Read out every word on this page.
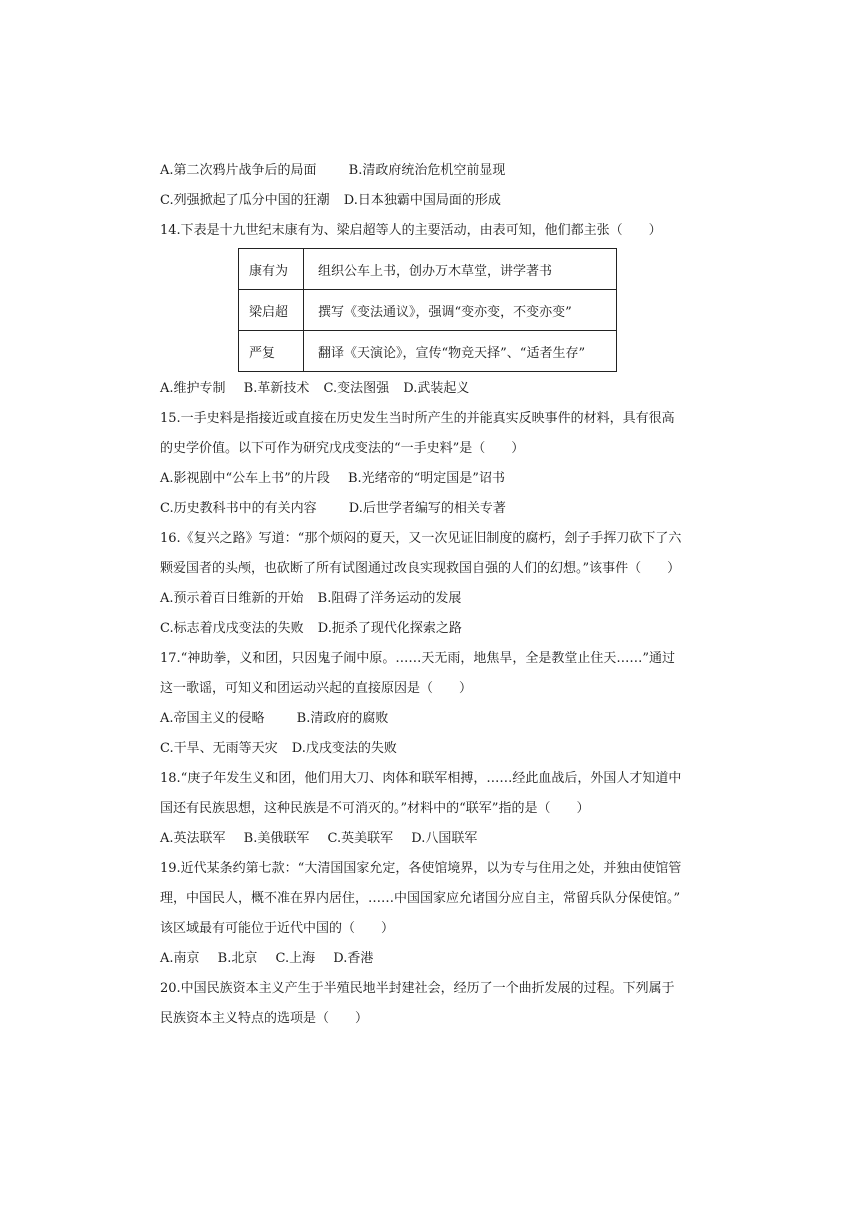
A.第二次鸦片战争后的局面 B.清政府统治危机空前显现
C.列强掀起了瓜分中国的狂潮 D.日本独霸中国局面的形成
14.下表是十九世纪末康有为、梁启超等人的主要活动，由表可知，他们都主张（　　）
康有为	组织公车上书，创办万木草堂，讲学著书
梁启超	撰写《变法通议》，强调“变亦变，不变亦变”
严复	翻译《天演论》，宣传“物竞天择”、“适者生存”
A.维护专制 B.革新技术 C.变法图强 D.武装起义
15.一手史料是指接近或直接在历史发生当时所产生的并能真实反映事件的材料，具有很高
的史学价值。以下可作为研究戊戌变法的“一手史料”是（　　）
A.影视剧中“公车上书”的片段 B.光绪帝的“明定国是”诏书
C.历史教科书中的有关内容 D.后世学者编写的相关专著
16.《复兴之路》写道：“那个烦闷的夏天，又一次见证旧制度的腐朽，刽子手挥刀砍下了六
颗爱国者的头颅，也砍断了所有试图通过改良实现救国自强的人们的幻想。”该事件（　　）
A.预示着百日维新的开始 B.阻碍了洋务运动的发展
C.标志着戊戌变法的失败 D.扼杀了现代化探索之路
17.“神助拳，义和团，只因鬼子闹中原。……天无雨，地焦旱，全是教堂止住天……”通过
这一歌谣，可知义和团运动兴起的直接原因是（　　）
A.帝国主义的侵略 B.清政府的腐败
C.干旱、无雨等天灾 D.戊戌变法的失败
18.“庚子年发生义和团，他们用大刀、肉体和联军相搏，……经此血战后，外国人才知道中
国还有民族思想，这种民族是不可消灭的。”材料中的“联军”指的是（　　）
A.英法联军 B.美俄联军 C.英美联军 D.八国联军
19.近代某条约第七款：“大清国国家允定，各使馆境界，以为专与住用之处，并独由使馆管
理，中国民人，概不准在界内居住，……中国国家应允诸国分应自主，常留兵队分保使馆。”
该区域最有可能位于近代中国的（　　）
A.南京 B.北京 C.上海 D.香港
20.中国民族资本主义产生于半殖民地半封建社会，经历了一个曲折发展的过程。下列属于
民族资本主义特点的选项是（　　）
